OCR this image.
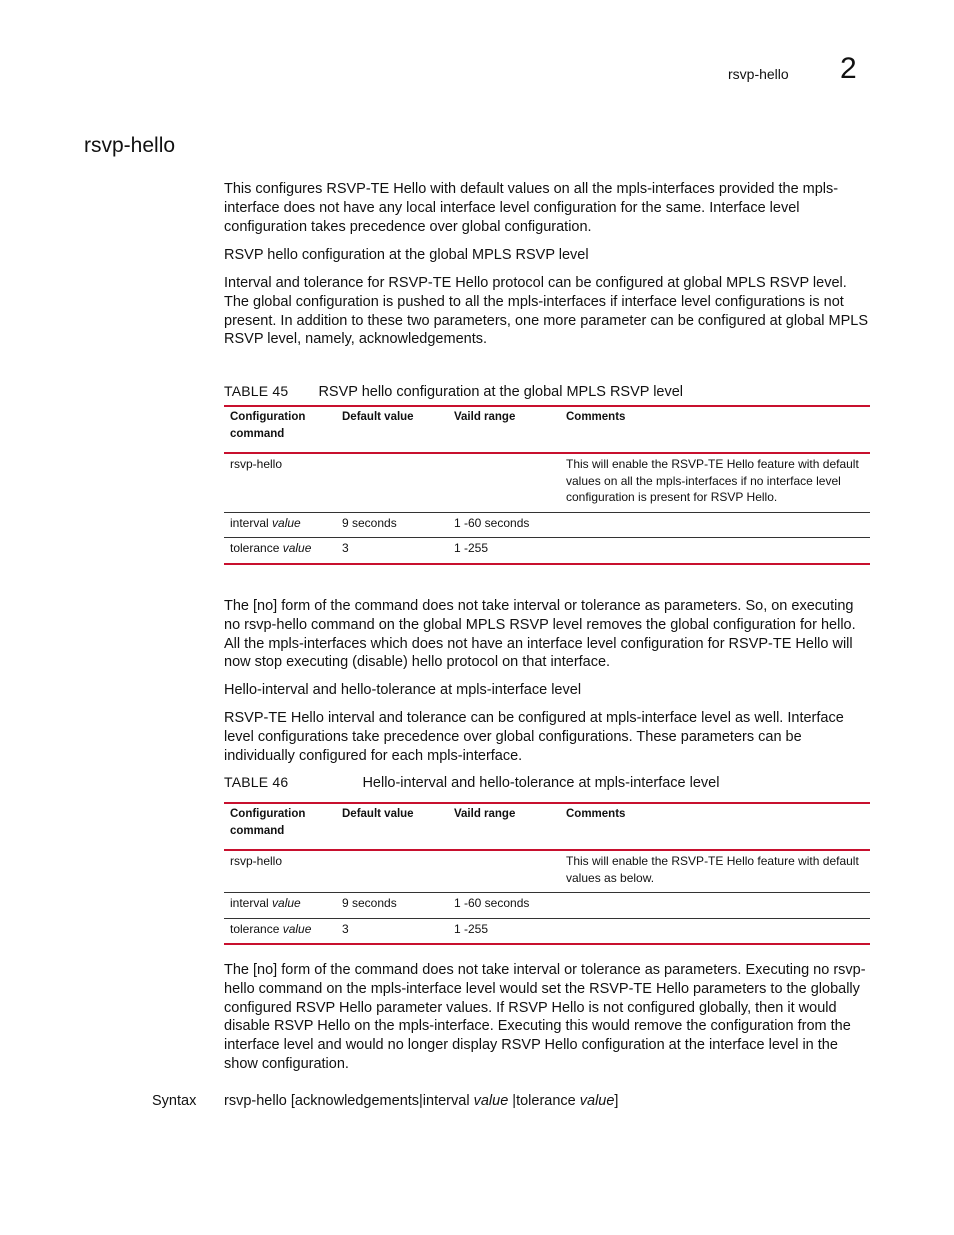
rsvp-hello 2
rsvp-hello
This configures RSVP-TE Hello with default values on all the mpls-interfaces provided the mpls-interface does not have any local interface level configuration for the same. Interface level configuration takes precedence over global configuration.
RSVP hello configuration at the global MPLS RSVP level
Interval and tolerance for RSVP-TE Hello protocol can be configured at global MPLS RSVP level. The global configuration is pushed to all the mpls-interfaces if interface level configurations is not present. In addition to these two parameters, one more parameter can be configured at global MPLS RSVP level, namely, acknowledgements.
TABLE 45 RSVP hello configuration at the global MPLS RSVP level
Configuration command	Default value	Vaild range	Comments
rsvp-hello			This will enable the RSVP-TE Hello feature with default values on all the mpls-interfaces if no interface level configuration is present for RSVP Hello.
interval value	9 seconds	1 -60 seconds	
tolerance value	3	1 -255	
The [no] form of the command does not take interval or tolerance as parameters. So, on executing no rsvp-hello command on the global MPLS RSVP level removes the global configuration for hello. All the mpls-interfaces which does not have an interface level configuration for RSVP-TE Hello will now stop executing (disable) hello protocol on that interface.
Hello-interval and hello-tolerance at mpls-interface level
RSVP-TE Hello interval and tolerance can be configured at mpls-interface level as well. Interface level configurations take precedence over global configurations. These parameters can be individually configured for each mpls-interface.
TABLE 46	Hello-interval and hello-tolerance at mpls-interface level
Configuration command	Default value	Vaild range	Comments
rsvp-hello			This will enable the RSVP-TE Hello feature with default values as below.
interval value	9 seconds	1 -60 seconds	
tolerance value	3	1 -255	
The [no] form of the command does not take interval or tolerance as parameters. Executing no rsvp-hello command on the mpls-interface level would set the RSVP-TE Hello parameters to the globally configured RSVP Hello parameter values. If RSVP Hello is not configured globally, then it would disable RSVP Hello on the mpls-interface. Executing this would remove the configuration from the interface level and would no longer display RSVP Hello configuration at the interface level in the show configuration.
Syntax rsvp-hello [acknowledgements|interval value |tolerance value]
